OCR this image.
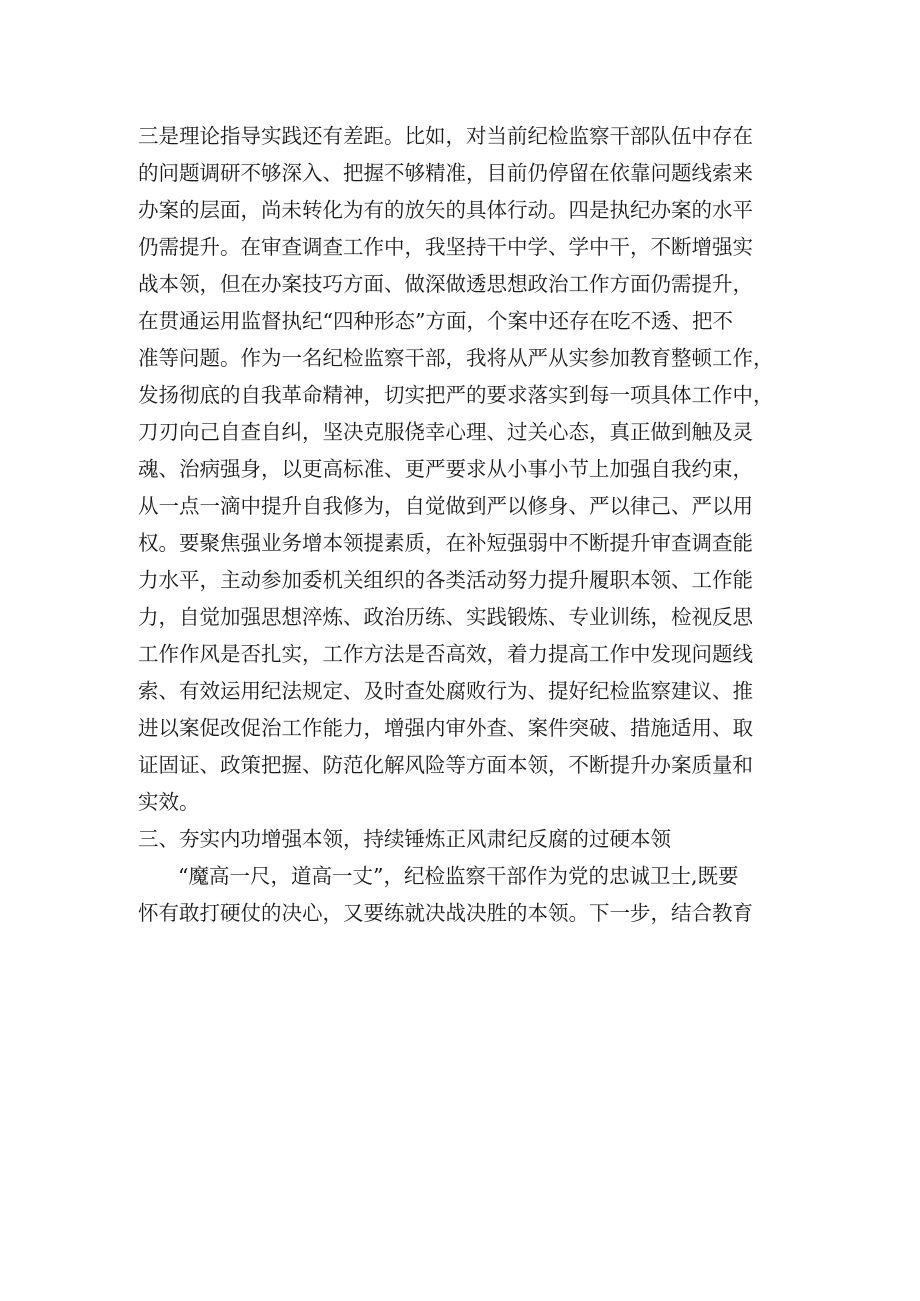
三是理论指导实践还有差距。比如，对当前纪检监察干部队伍中存在
的问题调研不够深入、把握不够精准，目前仍停留在依靠问题线索来
办案的层面，尚未转化为有的放矢的具体行动。四是执纪办案的水平
仍需提升。在审查调查工作中，我坚持干中学、学中干，不断增强实
战本领，但在办案技巧方面、做深做透思想政治工作方面仍需提升，
在贯通运用监督执纪“四种形态”方面，个案中还存在吃不透、把不
准等问题。作为一名纪检监察干部，我将从严从实参加教育整顿工作，
发扬彻底的自我革命精神，切实把严的要求落实到每一项具体工作中，
刀刃向己自查自纠，坚决克服侥幸心理、过关心态，真正做到触及灵
魂、治病强身，以更高标准、更严要求从小事小节上加强自我约束，
从一点一滴中提升自我修为，自觉做到严以修身、严以律己、严以用
权。要聚焦强业务增本领提素质，在补短强弱中不断提升审查调查能
力水平，主动参加委机关组织的各类活动努力提升履职本领、工作能
力，自觉加强思想淬炼、政治历练、实践锻炼、专业训练，检视反思
工作作风是否扎实，工作方法是否高效，着力提高工作中发现问题线
索、有效运用纪法规定、及时查处腐败行为、提好纪检监察建议、推
进以案促改促治工作能力，增强内审外查、案件突破、措施适用、取
证固证、政策把握、防范化解风险等方面本领，不断提升办案质量和
实效。
三、夯实内功增强本领，持续锤炼正风肃纪反腐的过硬本领
“魔高一尺，道高一丈”，纪检监察干部作为党的忠诚卫士,既要
怀有敢打硬仗的决心，又要练就决战决胜的本领。下一步，结合教育
